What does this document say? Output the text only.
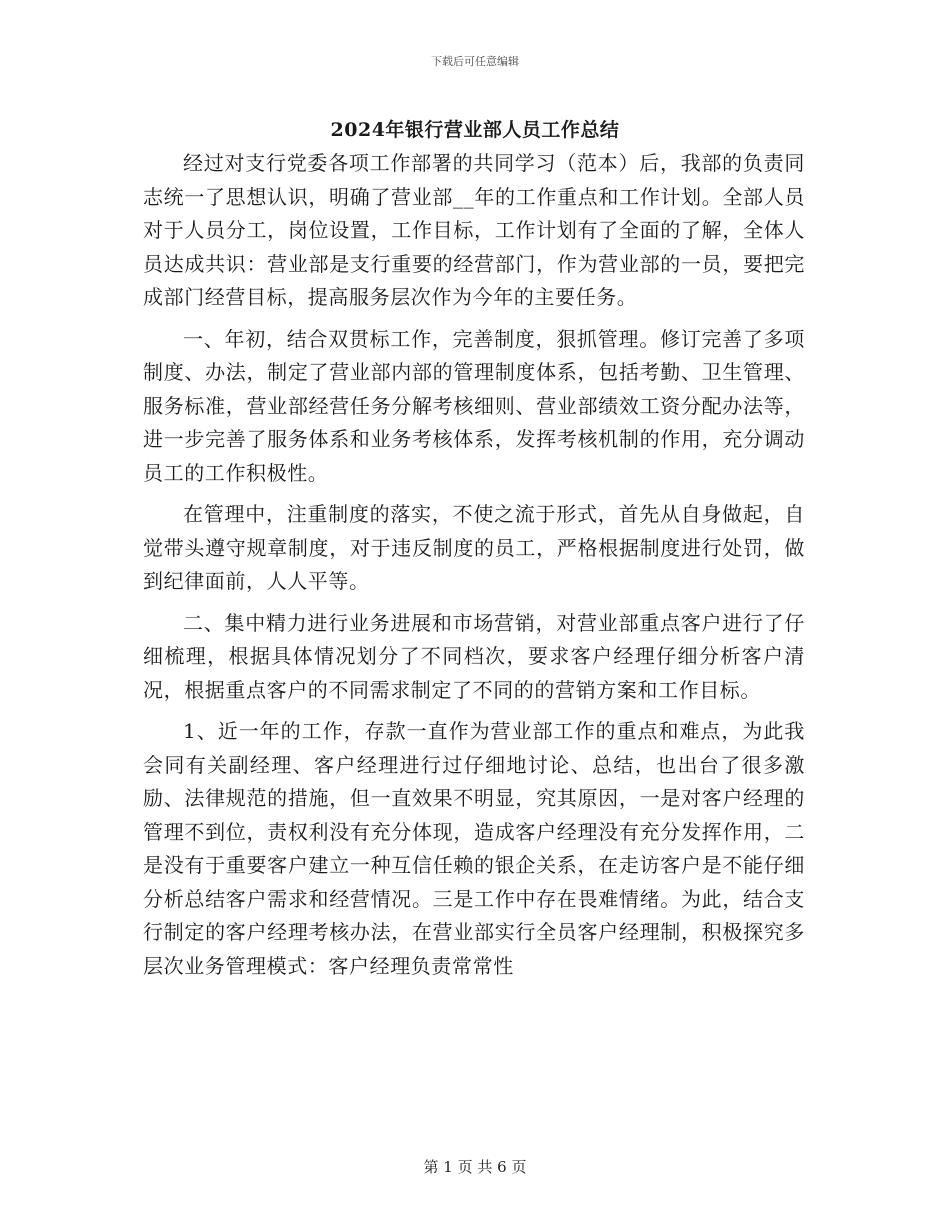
下载后可任意编辑
2024年银行营业部人员工作总结

经过对支行党委各项工作部署的共同学习（范本）后，我部的负责同志统一了思想认识，明确了营业部__年的工作重点和工作计划。全部人员对于人员分工，岗位设置，工作目标，工作计划有了全面的了解，全体人员达成共识：营业部是支行重要的经营部门，作为营业部的一员，要把完成部门经营目标，提高服务层次作为今年的主要任务。

一、年初，结合双贯标工作，完善制度，狠抓管理。修订完善了多项制度、办法，制定了营业部内部的管理制度体系，包括考勤、卫生管理、服务标准，营业部经营任务分解考核细则、营业部绩效工资分配办法等，进一步完善了服务体系和业务考核体系，发挥考核机制的作用，充分调动员工的工作积极性。

在管理中，注重制度的落实，不使之流于形式，首先从自身做起，自觉带头遵守规章制度，对于违反制度的员工，严格根据制度进行处罚，做到纪律面前，人人平等。

二、集中精力进行业务进展和市场营销，对营业部重点客户进行了仔细梳理，根据具体情况划分了不同档次，要求客户经理仔细分析客户清况，根据重点客户的不同需求制定了不同的的营销方案和工作目标。

1、近一年的工作，存款一直作为营业部工作的重点和难点，为此我会同有关副经理、客户经理进行过仔细地讨论、总结，也出台了很多激励、法律规范的措施，但一直效果不明显，究其原因，一是对客户经理的管理不到位，责权利没有充分体现，造成客户经理没有充分发挥作用，二是没有于重要客户建立一种互信任赖的银企关系，在走访客户是不能仔细分析总结客户需求和经营情况。三是工作中存在畏难情绪。为此，结合支行制定的客户经理考核办法，在营业部实行全员客户经理制，积极探究多层次业务管理模式：客户经理负责常常性

第 1 页 共 6 页
